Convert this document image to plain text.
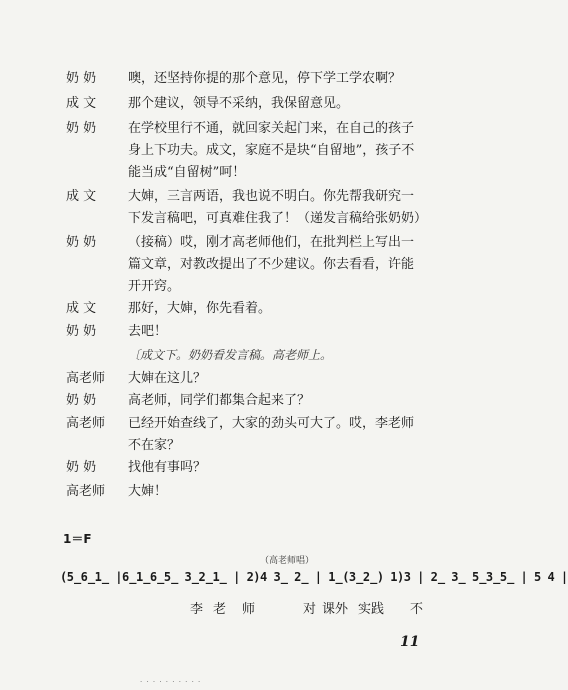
奶 奶	噢，还坚持你提的那个意见，停下学工学农啊？
成 文	那个建议，领导不采纳，我保留意见。
奶 奶	在学校里行不通，就回家关起门来，在自己的孩子
身上下功夫。成文，家庭不是块“自留地”，孩子不
能当成“自留树”呵！
成 文	大婶，三言两语，我也说不明白。你先帮我研究一
下发言稿吧，可真难住我了！（递发言稿给张奶奶）
奶 奶	（接稿）哎，刚才高老师他们，在批判栏上写出一
篇文章，对教改提出了不少建议。你去看看，许能
开开窍。
成 文	那好，大婶，你先看着。
奶 奶	去吧！
〔成文下。奶奶看发言稿。高老师上。
高老师	大婶在这儿？
奶 奶	高老师，同学们都集合起来了？
高老师	已经开始查线了，大家的劲头可大了。哎，李老师
不在家？
奶 奶	找他有事吗？
高老师	大婶！
1＝F
（高老师唱）
(5̲6̲1̲ |6̲1̲6̲5̲ 3̲2̲1̲ | 2)4 3̲ 2̲ | 1̲(3̲2̲) 1)3 | 2̲ 3̲ 5̲3̲5̲ | 5 4 |
李 老 师	对 课外 实践 不
11
· · · · · · · · · ·
